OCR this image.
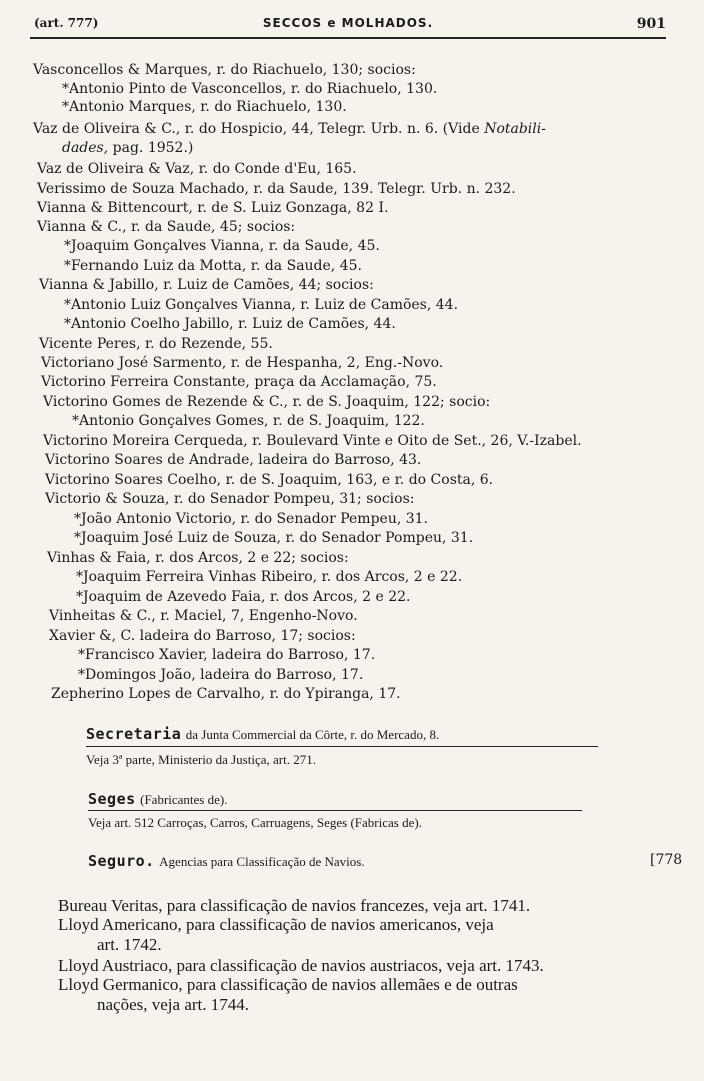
(art. 777)	SECCOS e MOLHADOS.	901
Vasconcellos & Marques, r. do Riachuelo, 130; socios:
*Antonio Pinto de Vasconcellos, r. do Riachuelo, 130.
*Antonio Marques, r. do Riachuelo, 130.
Vaz de Oliveira & C., r. do Hospicio, 44, Telegr. Urb. n. 6. (Vide Notabili-
dades, pag. 1952.)
Vaz de Oliveira & Vaz, r. do Conde d'Eu, 165.
Verissimo de Souza Machado, r. da Saude, 139. Telegr. Urb. n. 232.
Vianna & Bittencourt, r. de S. Luiz Gonzaga, 82 I.
Vianna & C., r. da Saude, 45; socios:
*Joaquim Gonçalves Vianna, r. da Saude, 45.
*Fernando Luiz da Motta, r. da Saude, 45.
Vianna & Jabillo, r. Luiz de Camões, 44; socios:
*Antonio Luiz Gonçalves Vianna, r. Luiz de Camões, 44.
*Antonio Coelho Jabillo, r. Luiz de Camões, 44.
Vicente Peres, r. do Rezende, 55.
Victoriano José Sarmento, r. de Hespanha, 2, Eng.-Novo.
Victorino Ferreira Constante, praça da Acclamação, 75.
Victorino Gomes de Rezende & C., r. de S. Joaquim, 122; socio:
*Antonio Gonçalves Gomes, r. de S. Joaquim, 122.
Victorino Moreira Cerqueda, r. Boulevard Vinte e Oito de Set., 26, V.-Izabel.
Victorino Soares de Andrade, ladeira do Barroso, 43.
Victorino Soares Coelho, r. de S. Joaquim, 163, e r. do Costa, 6.
Victorio & Souza, r. do Senador Pompeu, 31; socios:
*João Antonio Victorio, r. do Senador Pempeu, 31.
*Joaquim José Luiz de Souza, r. do Senador Pompeu, 31.
Vinhas & Faia, r. dos Arcos, 2 e 22; socios:
*Joaquim Ferreira Vinhas Ribeiro, r. dos Arcos, 2 e 22.
*Joaquim de Azevedo Faia, r. dos Arcos, 2 e 22.
Vinheitas & C., r. Maciel, 7, Engenho-Novo.
Xavier &, C. ladeira do Barroso, 17; socios:
*Francisco Xavier, ladeira do Barroso, 17.
*Domingos João, ladeira do Barroso, 17.
Zepherino Lopes de Carvalho, r. do Ypiranga, 17.
Secretaria da Junta Commercial da Côrte, r. do Mercado, 8.
Veja 3ª parte, Ministerio da Justiça, art. 271.
Seges (Fabricantes de).
Veja art. 512 Carroças, Carros, Carruagens, Seges (Fabricas de).
Seguro. Agencias para Classificação de Navios.	[778
Bureau Veritas, para classificação de navios francezes, veja art. 1741.
Lloyd Americano, para classificação de navios americanos, veja
art. 1742.
Lloyd Austriaco, para classificação de navios austriacos, veja art. 1743.
Lloyd Germanico, para classificação de navios allemães e de outras
nações, veja art. 1744.
